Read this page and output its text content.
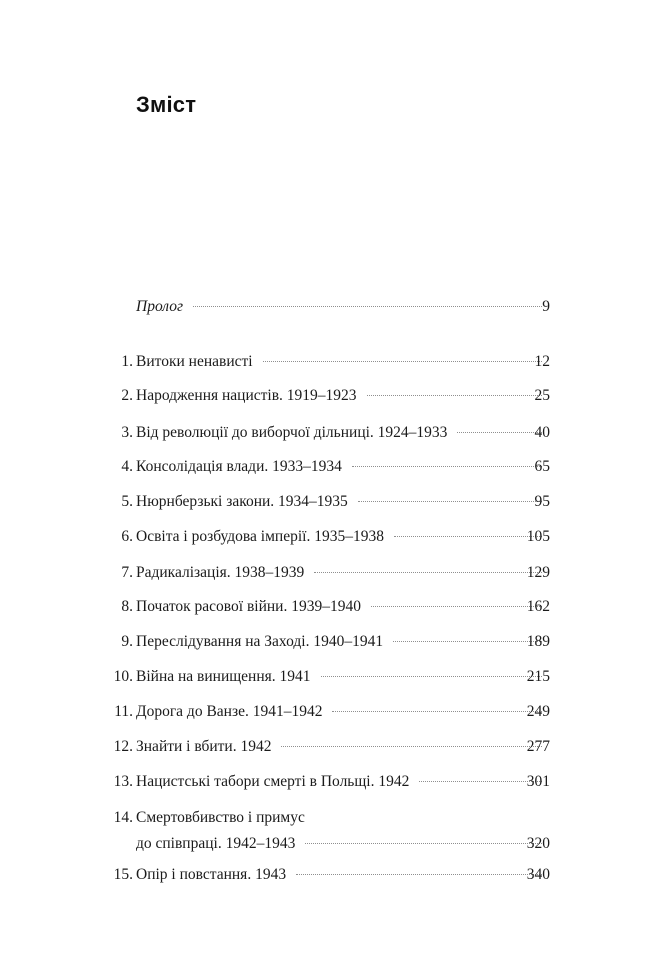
Зміст
Пролог	9
1. Витоки ненависті	12
2. Народження нацистів. 1919–1923	25
3. Від революції до виборчої дільниці. 1924–1933	40
4. Консолідація влади. 1933–1934	65
5. Нюрнберзькі закони. 1934–1935	95
6. Освіта і розбудова імперії. 1935–1938	105
7. Радикалізація. 1938–1939	129
8. Початок расової війни. 1939–1940	162
9. Переслідування на Заході. 1940–1941	189
10. Війна на винищення. 1941	215
11. Дорога до Ванзе. 1941–1942	249
12. Знайти і вбити. 1942	277
13. Нацистські табори смерті в Польщі. 1942	301
14. Смертовбивство і примус
до співпраці. 1942–1943	320
15. Опір і повстання. 1943	340
